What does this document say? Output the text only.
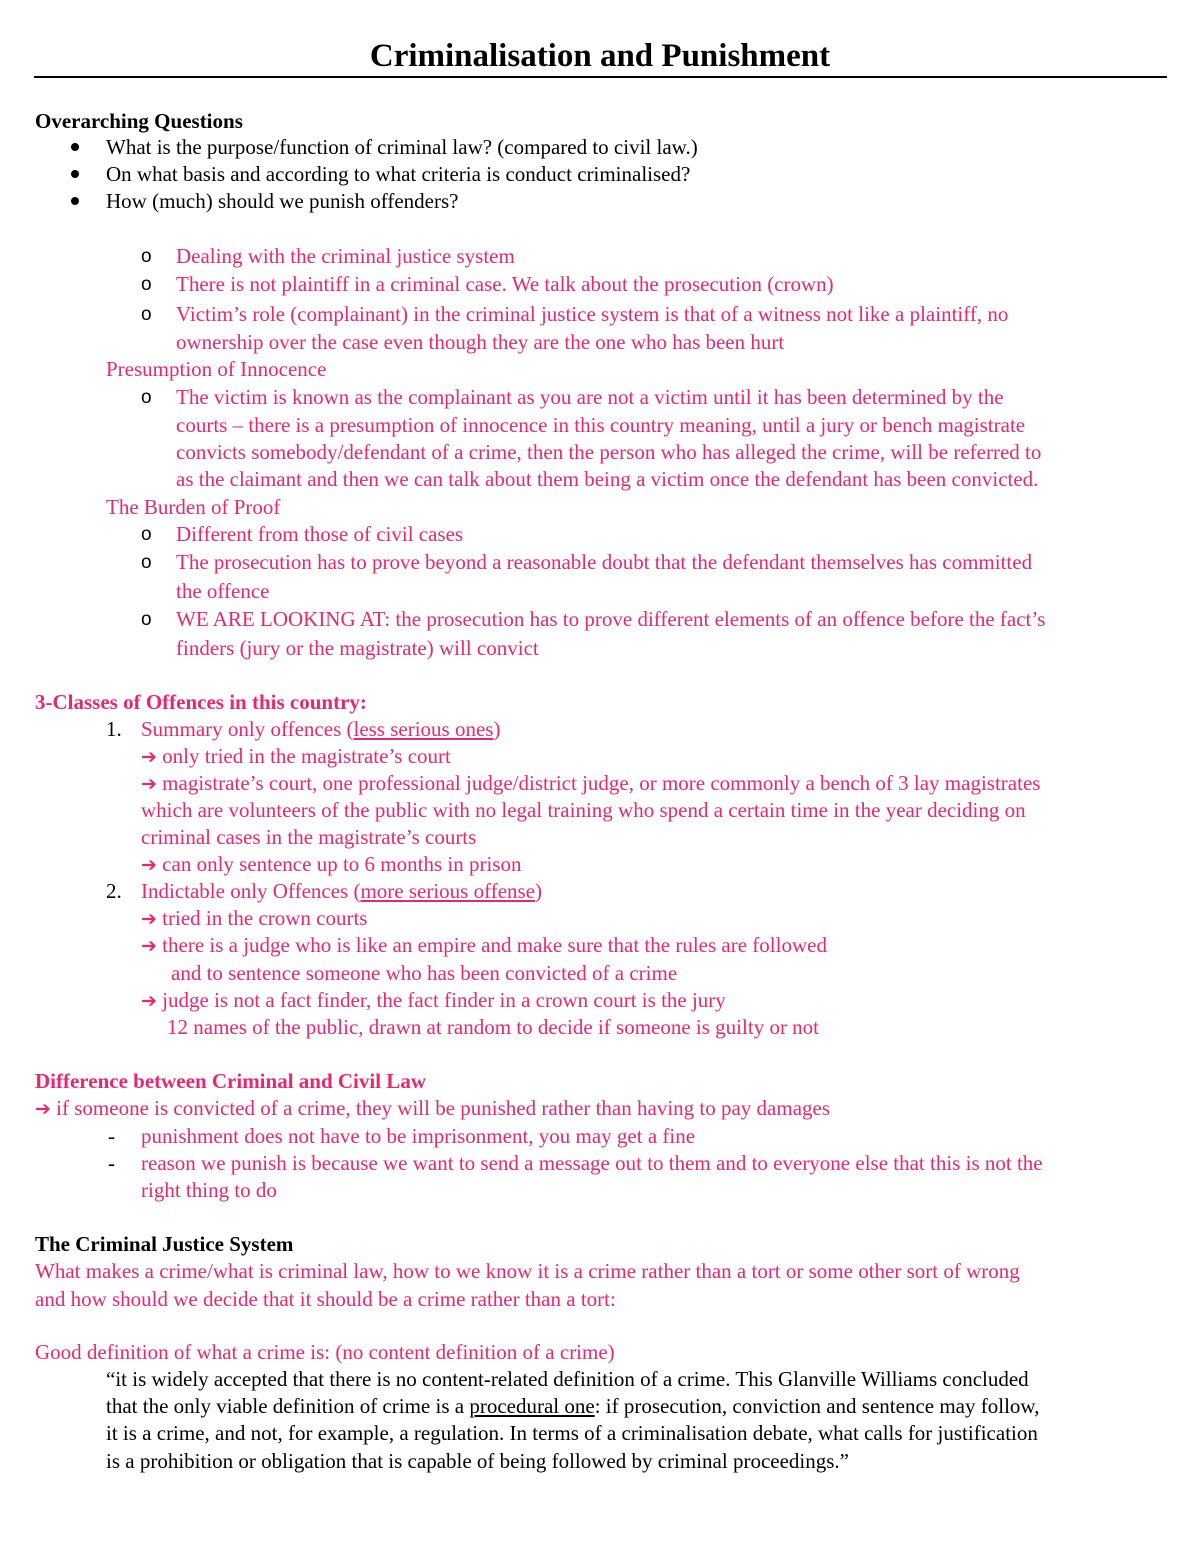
Criminalisation and Punishment
Overarching Questions
What is the purpose/function of criminal law? (compared to civil law.)
On what basis and according to what criteria is conduct criminalised?
How (much) should we punish offenders?
o Dealing with the criminal justice system
o There is not plaintiff in a criminal case. We talk about the prosecution (crown)
o Victim’s role (complainant) in the criminal justice system is that of a witness not like a plaintiff, no
ownership over the case even though they are the one who has been hurt
Presumption of Innocence
o The victim is known as the complainant as you are not a victim until it has been determined by the
courts – there is a presumption of innocence in this country meaning, until a jury or bench magistrate
convicts somebody/defendant of a crime, then the person who has alleged the crime, will be referred to
as the claimant and then we can talk about them being a victim once the defendant has been convicted.
The Burden of Proof
o Different from those of civil cases
o The prosecution has to prove beyond a reasonable doubt that the defendant themselves has committed
the offence
o WE ARE LOOKING AT: the prosecution has to prove different elements of an offence before the fact’s
finders (jury or the magistrate) will convict
3-Classes of Offences in this country:
1. Summary only offences (less serious ones)
➔ only tried in the magistrate’s court
➔ magistrate’s court, one professional judge/district judge, or more commonly a bench of 3 lay magistrates
which are volunteers of the public with no legal training who spend a certain time in the year deciding on
criminal cases in the magistrate’s courts
➔ can only sentence up to 6 months in prison
2. Indictable only Offences (more serious offense)
➔ tried in the crown courts
➔ there is a judge who is like an empire and make sure that the rules are followed
and to sentence someone who has been convicted of a crime
➔ judge is not a fact finder, the fact finder in a crown court is the jury
12 names of the public, drawn at random to decide if someone is guilty or not
Difference between Criminal and Civil Law
➔ if someone is convicted of a crime, they will be punished rather than having to pay damages
- punishment does not have to be imprisonment, you may get a fine
- reason we punish is because we want to send a message out to them and to everyone else that this is not the
right thing to do
The Criminal Justice System
What makes a crime/what is criminal law, how to we know it is a crime rather than a tort or some other sort of wrong
and how should we decide that it should be a crime rather than a tort:
Good definition of what a crime is: (no content definition of a crime)
“it is widely accepted that there is no content-related definition of a crime. This Glanville Williams concluded
that the only viable definition of crime is a procedural one: if prosecution, conviction and sentence may follow,
it is a crime, and not, for example, a regulation. In terms of a criminalisation debate, what calls for justification
is a prohibition or obligation that is capable of being followed by criminal proceedings.”
